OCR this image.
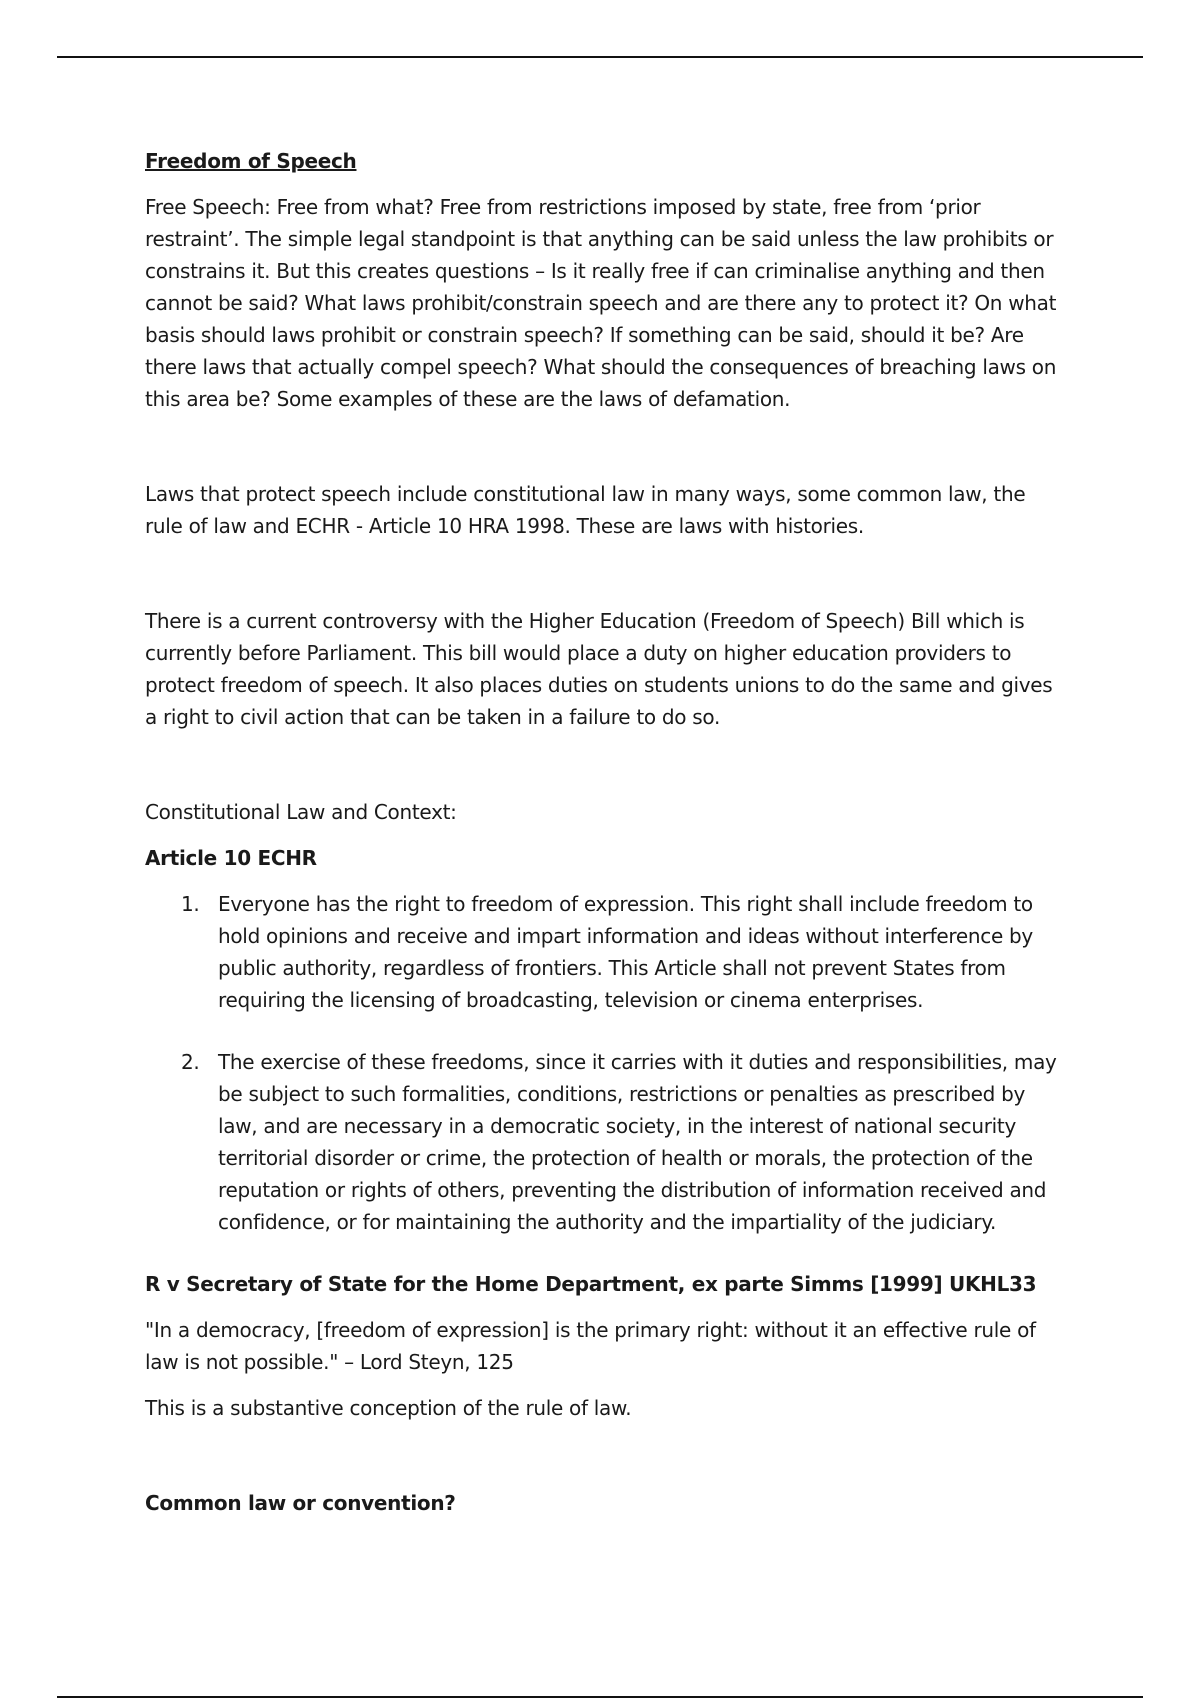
Freedom of Speech

Free Speech: Free from what? Free from restrictions imposed by state, free from ‘prior restraint’. The simple legal standpoint is that anything can be said unless the law prohibits or constrains it. But this creates questions – Is it really free if can criminalise anything and then cannot be said? What laws prohibit/constrain speech and are there any to protect it? On what basis should laws prohibit or constrain speech? If something can be said, should it be? Are there laws that actually compel speech? What should the consequences of breaching laws on this area be? Some examples of these are the laws of defamation.

Laws that protect speech include constitutional law in many ways, some common law, the rule of law and ECHR - Article 10 HRA 1998. These are laws with histories.

There is a current controversy with the Higher Education (Freedom of Speech) Bill which is currently before Parliament. This bill would place a duty on higher education providers to protect freedom of speech. It also places duties on students unions to do the same and gives a right to civil action that can be taken in a failure to do so.

Constitutional Law and Context:

Article 10 ECHR

1. Everyone has the right to freedom of expression. This right shall include freedom to hold opinions and receive and impart information and ideas without interference by public authority, regardless of frontiers. This Article shall not prevent States from requiring the licensing of broadcasting, television or cinema enterprises.
2. The exercise of these freedoms, since it carries with it duties and responsibilities, may be subject to such formalities, conditions, restrictions or penalties as prescribed by law, and are necessary in a democratic society, in the interest of national security territorial disorder or crime, the protection of health or morals, the protection of the reputation or rights of others, preventing the distribution of information received and confidence, or for maintaining the authority and the impartiality of the judiciary.

R v Secretary of State for the Home Department, ex parte Simms [1999] UKHL33

"In a democracy, [freedom of expression] is the primary right: without it an effective rule of law is not possible." – Lord Steyn, 125

This is a substantive conception of the rule of law.

Common law or convention?
